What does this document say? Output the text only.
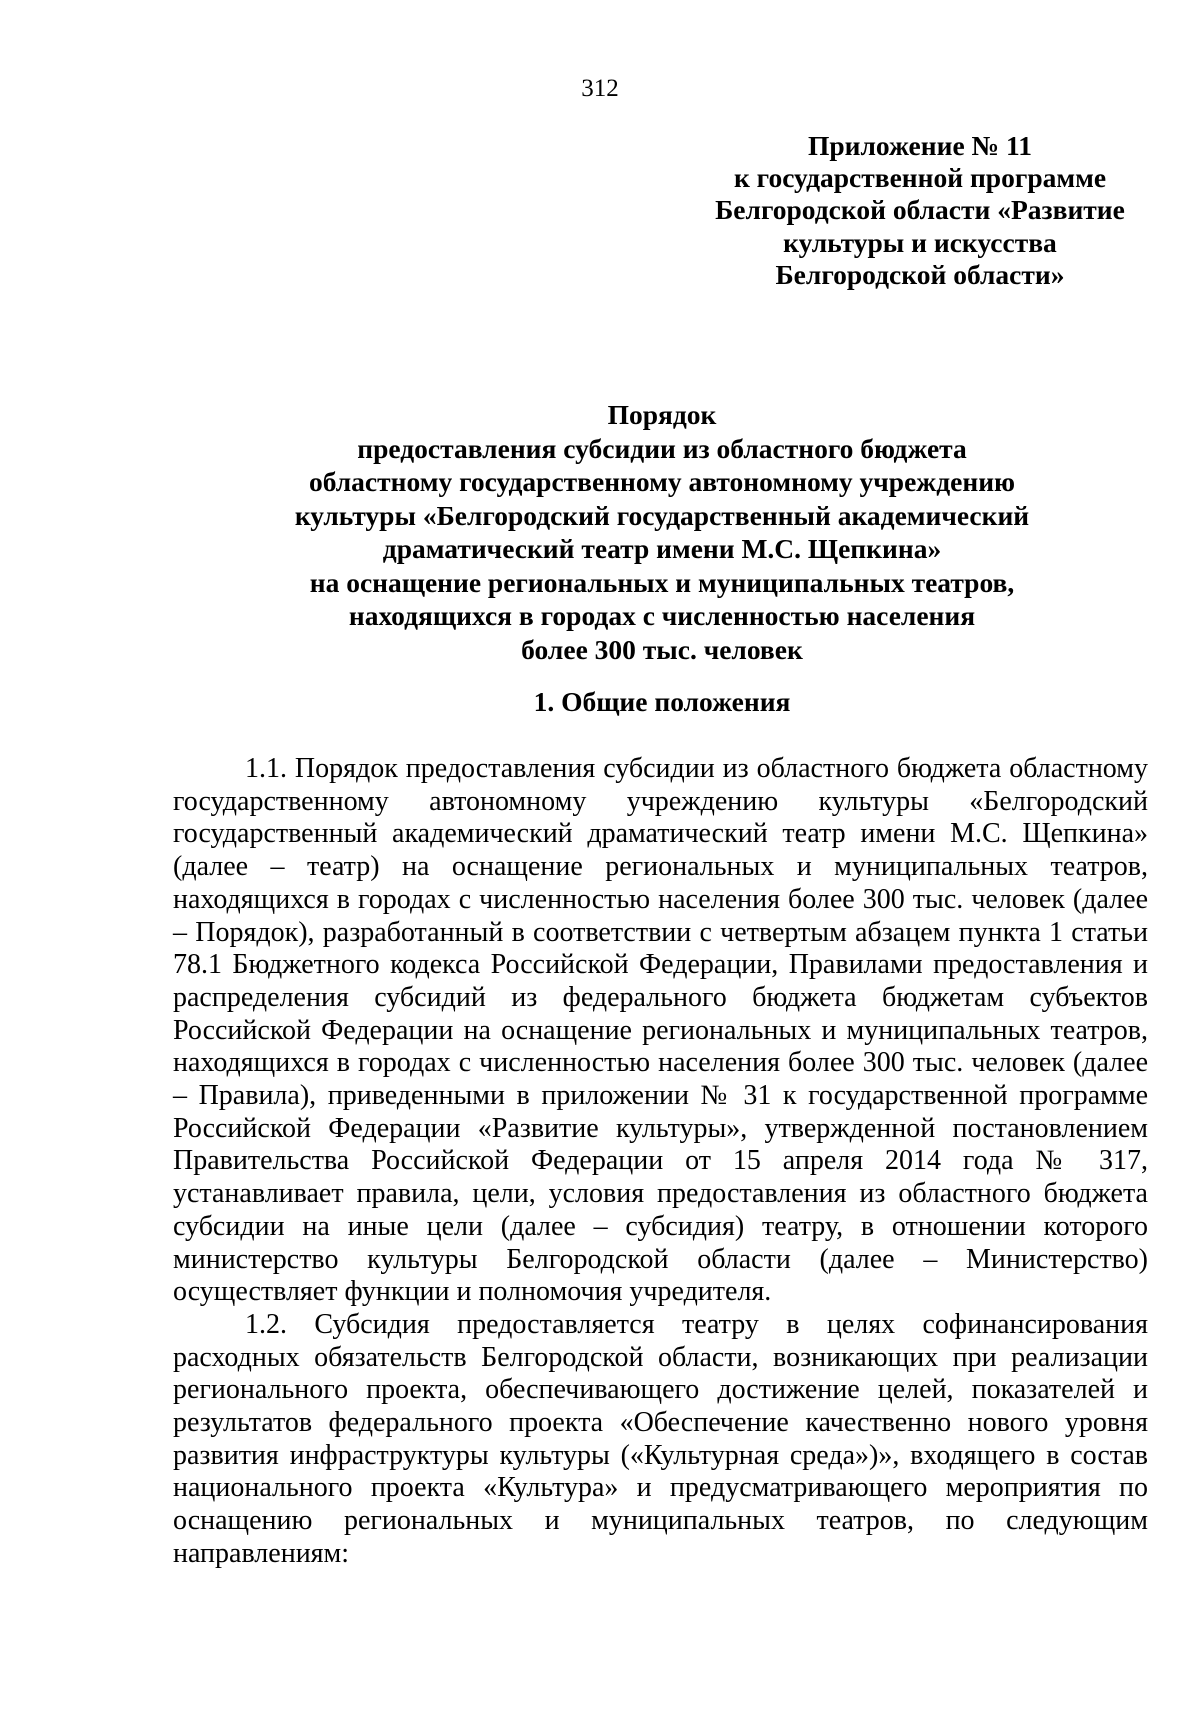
312
Приложение № 11
к государственной программе
Белгородской области «Развитие
культуры и искусства
Белгородской области»
Порядок
предоставления субсидии из областного бюджета
областному государственному автономному учреждению
культуры «Белгородский государственный академический
драматический театр имени М.С. Щепкина»
на оснащение региональных и муниципальных театров,
находящихся в городах с численностью населения
более 300 тыс. человек
1. Общие положения

1.1. Порядок предоставления субсидии из областного бюджета областному государственному автономному учреждению культуры «Белгородский государственный академический драматический театр имени М.С. Щепкина» (далее – театр) на оснащение региональных и муниципальных театров, находящихся в городах с численностью населения более 300 тыс. человек (далее – Порядок), разработанный в соответствии с четвертым абзацем пункта 1 статьи 78.1 Бюджетного кодекса Российской Федерации, Правилами предоставления и распределения субсидий из федерального бюджета бюджетам субъектов Российской Федерации на оснащение региональных и муниципальных театров, находящихся в городах с численностью населения более 300 тыс. человек (далее – Правила), приведенными в приложении № 31 к государственной программе Российской Федерации «Развитие культуры», утвержденной постановлением Правительства Российской Федерации от 15 апреля 2014 года № 317, устанавливает правила, цели, условия предоставления из областного бюджета субсидии на иные цели (далее – субсидия) театру, в отношении которого министерство культуры Белгородской области (далее – Министерство) осуществляет функции и полномочия учредителя.

1.2. Субсидия предоставляется театру в целях софинансирования расходных обязательств Белгородской области, возникающих при реализации регионального проекта, обеспечивающего достижение целей, показателей и результатов федерального проекта «Обеспечение качественно нового уровня развития инфраструктуры культуры («Культурная среда»)», входящего в состав национального проекта «Культура» и предусматривающего мероприятия по оснащению региональных и муниципальных театров, по следующим направлениям:
